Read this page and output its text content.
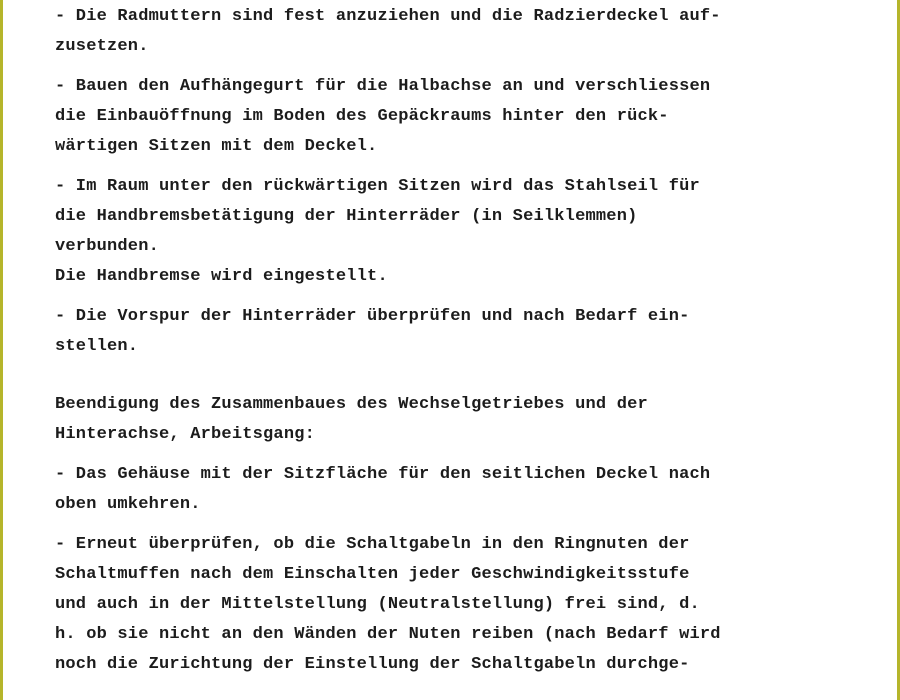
- Die Radmuttern sind fest anzuziehen und die Radzierdeckel auf-
zusetzen.
- Bauen den Aufhängegurt für die Halbachse an und verschliessen
die Einbauöffnung im Boden des Gepäckraums hinter den rück-
wärtigen Sitzen mit dem Deckel.
- Im Raum unter den rückwärtigen Sitzen wird das Stahlseil für
die Handbremsbetätigung der Hinterräder (in Seilklemmen)
verbunden.
Die Handbremse wird eingestellt.
- Die Vorspur der Hinterräder überprüfen und nach Bedarf ein-
stellen.
Beendigung des Zusammenbaues des Wechselgetriebes und der
Hinterachse, Arbeitsgang:
- Das Gehäuse mit der Sitzfläche für den seitlichen Deckel nach
oben umkehren.
- Erneut überprüfen, ob die Schaltgabeln in den Ringnuten der
Schaltmuffen nach dem Einschalten jeder Geschwindigkeitsstufe
und auch in der Mittelstellung (Neutralstellung) frei sind, d.
h. ob sie nicht an den Wänden der Nuten reiben (nach Bedarf wird
noch die Zurichtung der Einstellung der Schaltgabeln durchge-
